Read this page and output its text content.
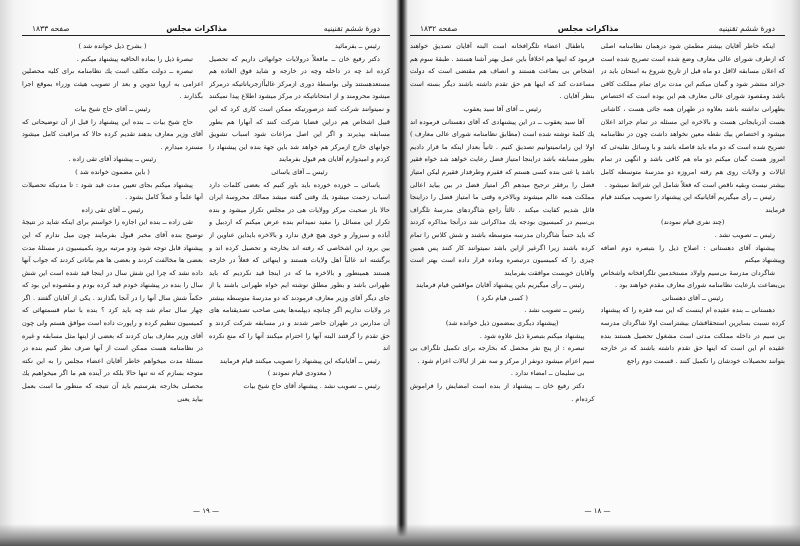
دورهٔ ششم تقنینیه
مذاکرات مجلس
صفحه ۱۸۳۳

رئیس ــ بفرمائید

دکتر رفیع خان ــ مافعلاً درولایات جوانهائی داریم که تحصیل کرده اند چه در داخله وچه در خارجه و شاید فوق العاده هم مستعدهستند ولی بواسطهٔ دوری ازمرکز غالباًازجریاناتیکه درمرکز میشود محرومند و از امتحاناتیکه در مرکز میشود اطلاع پیدا نمیکنند و نمیتوانند شرکت کنند درصورتیکه ممکن است کاری کرد که این قبیل اشخاص هم دراین فضایا شرکت کنند که آنهارا هم بطور مسابقه بپذیرند و اگر این اصل مراعات شود اسباب تشویق جوانهای خارج ازمرکز هم خواهد شد باین جهة بنده این پیشنهاد را کردم و امیدوارم آقایان هم قبول بفرمایند

رئیس ــ آقای یاسائی

یاسائی ــ خورده خورده باید باور کنیم که بعضی کلمات دارد اسباب زحمت میشود یك وقتی گفته میشد ممالك محروسهٔ ایران حالا باز صحبت مرکز وولایات هی در مجلس تکرار میشود و بنده تکرار این مسائل را مفید نمیدانم بنده عرض میکنم که اردبیل و آباده و سبزوار و خوی هیچ فرق ندارد و بالاخره بایداین عناوین از بین برود این اشخاصی که رفته اند بخارجه و تحصیل کرده اند و برگشته اند غالباً اهل ولایات هستند و اینهائی که فعلاً در خارجه هستند همینطور و بالاخره ما که در اینجا قید نکردیم که باید طهرانی باشد و بطور مطلق نوشته ایم خواه طهرانی باشند یا از جای دیگر آقای وزیر معارف فرمودند که دو مدرسهٔ متوسطه بیشتر در ولایات نداریم اگر چنانچه دیپلمه‌ها یعنی صاحب تصدیقنامه های آن مدارس در طهران حاضر شدند و در مسابقه شرکت کردند و حق تقدم را گرفتند البته آنها را احترام میکنند آنها را که منع نکرده اند

رئیس ــ آقایانیکه این پیشنهاد را تصویب میکنند قیام فرمایند

( معدودی قیام نمودند )

رئیس ــ تصویب نشد . پیشنهاد آقای حاج شیخ بیات

( بشرح ذیل خوانده شد )

تبصرهٔ ذیل را بماده الحاقیه پیشنهاد میکنم .

تبصره ــ دولت مکلف است یك نظامنامه برای کلیه محصلین اعزامی به اروپا تدوین و بعد از تصویب هیئت وزراء بموقع اجرا بگذارند .

رئیس ــ آقای حاج شیخ بیات

حاج شیخ بیات ــ بنده این پیشنهاد را قبل از آن توضیحاتی که آقای وزیر معارف بدهند تقدیم کرده حالا که مراقبت کامل میشود مسترد میدارم .

رئیس ــ پیشنهاد آقای تقی زاده .

( باین مضمون خوانده شد )

پیشنهاد میکنم بجای تعیین مدت قید شود : تا مدتیکه تحصیلات آنها علماً و عملاً کامل بشود .

رئیس ــ آقای تقی زاده

تقی زاده ــ بنده این اجازه را خواستم برای اینکه شاید در نتیجهٔ توضیح بنده آقای مخبر قبول بفرمایند چون میل ندارم که این پیشنهاد قابل توجه شود ودو مرتبه برود بکمیسیون در مسئلهٔ مدت بعضی ها مخالفت کردند و بعضی ها هم بیاناتی کردند که جواب آنها داده نشد که چرا این شش سال در اینجا قید شده است این شش سال را بنده در پیشنهاد خودم قید کرده بودم و مقصوده این بود که حکماً شش سال آنها را در آنجا بگذارند . یکی از آقایان گفتند . اگر چهار سال تمام شد چه باید کرد ؟ بنده با تمام قسمتهائی که کمیسیون تنظیم کرده و راپورت داده است موافق هستم ولی چون آقای وزیر معارف بیان کردند که بعضی از اینها مثل مسابقه و غیره در نظامنامه هست ممکن است از آنها صرف نظر کنیم بنده در مسئلهٔ مدت میخواهم خاطر آقایان اعضاء مجلس را به این نکته متوجه بسازم که نه تنها حالا بلکه در آینده هم ما اگر میخواهیم یك محصلی بخارجه بفرستیم باید آن نتیجه که منظور ما است بعمل بیاید یعنی

— ۱۹ —
دورهٔ ششم تقنینیه
مذاکرات مجلس
صفحه ۱۸۳۲

اینکه خاطر آقایان بیشتر مطمئن شود درهمان نظامنامه اصلی که ازطرف شورای عالی معارف وضع شده است تصریح شده است که اعلان مسابقه لااقل دو ماه قبل از تاریخ شروع به امتحان باید در جرائد منتشر شود و گمان میکنم این مدت برای تمام مملکت کافی باشد ومقصود شورای عالی معارف هم این بوده است که اختصاص بطهرانی نداشته باشد بعلاوه در طهران همه جائی هست ، کاشانی هست آذربایجانی هست و بالاخره این مسئله در تمام جرائد اعلان میشود و اختصاص بیك نقطه معین نخواهد داشت چون در نظامنامه تصریح شده است که دو ماه باید فاصله باشد و با وسائل نقلیه‌ئی که امروز هست گمان میکنم دو ماه هم کافی باشد و انگهی در تمام ایالات و ولایات روی هم رفته امروزه دو مدرسهٔ متوسطه کامل بیشتر نیست وبقیه ناقص است که فعلاً شامل این شرائط نمیشود .

رئیس ــ رأی میگیریم آقایانیکه این پیشنهاد را تصویب میکنند قیام فرمایند

(چند نفری قیام نمودند)

رئیس ــ تصویب نشد .

پیشنهاد آقای دهستانی : اصلاح ذیل را بتبصره دوم اضافه وپیشنهاد میکنم

شاگردان مدرسهٔ بی‌سیم واولاد مستخدمین تلگرافخانه واشخاص بی‌بضاعت بارعایت نظامنامه شورای معارف مقدم خواهند بود .

رئیس ــ آقای دهستانی

دهستانی ــ بنده عقیده ام اینست که این سه فقره را که پیشنهاد کرده نسبت بسایرین استحقاقشان بیشتراست اولا شاگردان مدرسه بی سیم در داخله مملکت مدتی است مشغول تحصیل هستند بنده عقیده ام این است که اینها حق تقدم داشته باشند که در خارجه بتوانند تحصیلات خودشان را تکمیل کنند . قسمت دوم راجع

باطفال اعضاء تلگرافخانه است البته آقایان تصدیق خواهند فرمود که اینها هم اخلاقاً باین عمل بهتر آشنا هستند . طبقهٔ سوم هم اشخاص بی بضاعت هستند و انصاف هم مقتضی است که دولت مساعدت کند که اینها هم حق تقدم داشته باشند دیگر بسته است بنظر آقایان .

رئیس ــ آقای آقا سید یعقوب

آقا سید یعقوب ــ در این پیشنهادی که آقای دهستانی فرموده اند یك کلمهٔ نوشته شده است (مطابق نظامنامه شورای عالی معارف ) اولا این رامانمیتوانیم تصدیق کنیم . ثانیاً بعداز اینکه ما قرار دادیم بطور مسابقه باشد دراینجا امتیاز فضل رعایت خواهد شد خواه فقیر باشد یا غنی بنده کسی هستم که فقیرم وطرفدار فقیرم لیکن امتیاز فضل را برفقر ترجیح میدهم اگر امتیاز فضل در بین بیاید اعالی مملکت همه عالم میشوند وبالاخره وقتی ما امتیاز فضل را دراینجا قائل شدیم کفایت میکند . ثالثاً راجع شاگردهای مدرسهٔ تلگراف بی‌سیم در کمیسیون بودجه یك مذاکراتی شد درآنجا مذاکره کردند که باید حتماً شاگردان مدرسه متوسطه باشند و شش کلاس را تمام کرده باشند زیرا اگرغیر ازاین باشد نمیتوانند کار کنند پس همین چیزی را که کمیسیون درتبصره وماده قرار داده است بهتر است وآقایان خوبست موافقت بفرمایند

رئیس ــ رأی میگیریم باین پیشنهاد آقایان موافقین قیام فرمایند

( کسی قیام نکرد )

رئیس ــ تصویب نشد .

(پیشنهاد دیگری بمضمون ذیل خوانده شد)

پیشنهاد میکنم بتبصرهٔ ذیل علاوه شود .

تبصره : از پنج نفر محصل که بخارجه برای تکمیل تلگراف بی سیم اعزام میشود دونفر از مرکز و سه نفر از ایالات اعزام شود .

بی سلیمان ــ امضاء ندارد .

دکتر رفیع خان ــ پیشنهاد از بنده است امضایش را فراموش کرده‌ام .

— ۱۸ —
